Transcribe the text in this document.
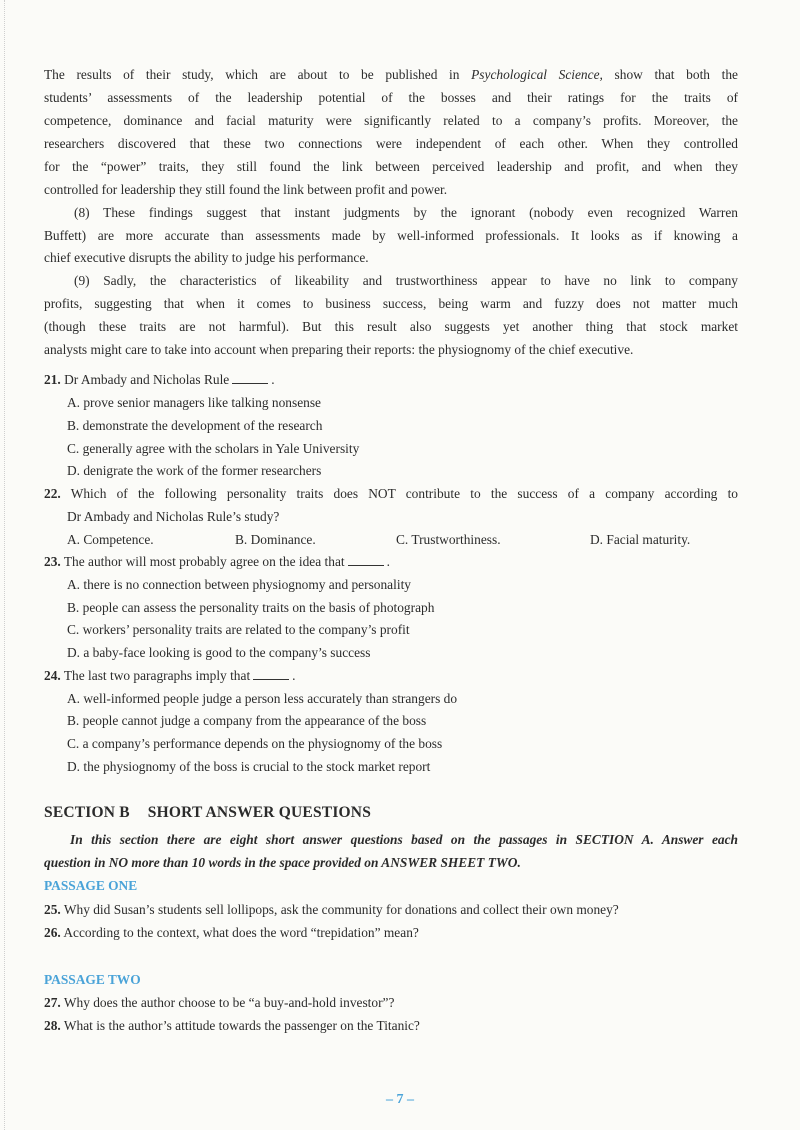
The results of their study, which are about to be published in Psychological Science, show that both the
students’ assessments of the leadership potential of the bosses and their ratings for the traits of
competence, dominance and facial maturity were significantly related to a company’s profits. Moreover, the
researchers discovered that these two connections were independent of each other. When they controlled
for the “power” traits, they still found the link between perceived leadership and profit, and when they
controlled for leadership they still found the link between profit and power.
(8) These findings suggest that instant judgments by the ignorant (nobody even recognized Warren
Buffett) are more accurate than assessments made by well-informed professionals. It looks as if knowing a
chief executive disrupts the ability to judge his performance.
(9) Sadly, the characteristics of likeability and trustworthiness appear to have no link to company
profits, suggesting that when it comes to business success, being warm and fuzzy does not matter much
(though these traits are not harmful). But this result also suggests yet another thing that stock market
analysts might care to take into account when preparing their reports: the physiognomy of the chief executive.
21. Dr Ambady and Nicholas Rule	.
A. prove senior managers like talking nonsense
B. demonstrate the development of the research
C. generally agree with the scholars in Yale University
D. denigrate the work of the former researchers
22. Which of the following personality traits does NOT contribute to the success of a company according to
Dr Ambady and Nicholas Rule’s study?
A. Competence.	B. Dominance.	C. Trustworthiness.	D. Facial maturity.
23. The author will most probably agree on the idea that	.
A. there is no connection between physiognomy and personality
B. people can assess the personality traits on the basis of photograph
C. workers’ personality traits are related to the company’s profit
D. a baby-face looking is good to the company’s success
24. The last two paragraphs imply that	.
A. well-informed people judge a person less accurately than strangers do
B. people cannot judge a company from the appearance of the boss
C. a company’s performance depends on the physiognomy of the boss
D. the physiognomy of the boss is crucial to the stock market report
SECTION B SHORT ANSWER QUESTIONS
In this section there are eight short answer questions based on the passages in SECTION A. Answer each
question in NO more than 10 words in the space provided on ANSWER SHEET TWO.
PASSAGE ONE
25. Why did Susan’s students sell lollipops, ask the community for donations and collect their own money?
26. According to the context, what does the word “trepidation” mean?
PASSAGE TWO
27. Why does the author choose to be “a buy-and-hold investor”?
28. What is the author’s attitude towards the passenger on the Titanic?
– 7 –
